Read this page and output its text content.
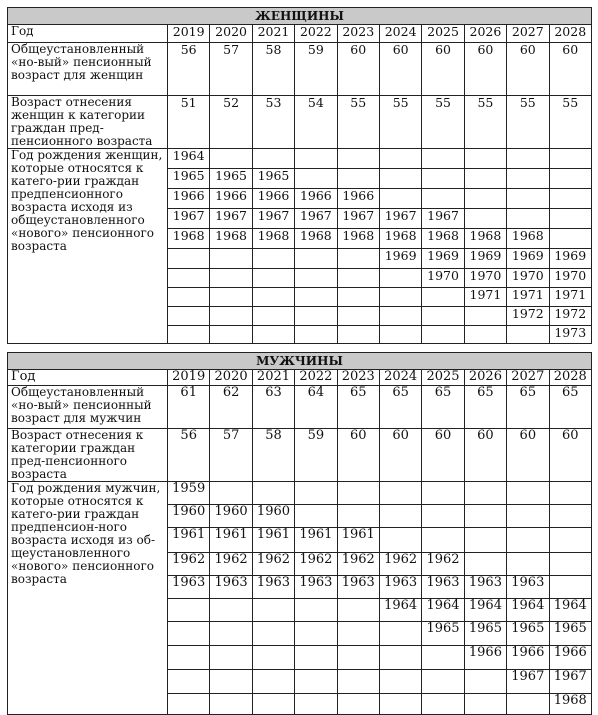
ЖЕНЩИНЫ										
Год	2019	2020	2021	2022	2023	2024	2025	2026	2027	2028
Общеустановленный «но-вый» пенсионный возраст для женщин	56	57	58	59	60	60	60	60	60	60
Возраст отнесения женщин к категории граждан пред-пенсионного возраста	51	52	53	54	55	55	55	55	55	55
Год рождения женщин, которые относятся к катего-рии граждан предпенсионного возраста исходя из общеустановленного «нового» пенсионного возраста	1964									
	1965	1965	1965							
	1966	1966	1966	1966	1966					
	1967	1967	1967	1967	1967	1967	1967			
	1968	1968	1968	1968	1968	1968	1968	1968	1968	
						1969	1969	1969	1969	1969
							1970	1970	1970	1970
								1971	1971	1971
									1972	1972
										1973
МУЖЧИНЫ										
Год	2019	2020	2021	2022	2023	2024	2025	2026	2027	2028
Общеустановленный «но-вый» пенсионный возраст для мужчин	61	62	63	64	65	65	65	65	65	65
Возраст отнесения к категории граждан пред-пенсионного возраста	56	57	58	59	60	60	60	60	60	60
Год рождения мужчин, которые относятся к катего-рии граждан предпенсион-ного возраста исходя из об-щеустановленного «нового» пенсионного возраста	1959									
	1960	1960	1960							
	1961	1961	1961	1961	1961					
	1962	1962	1962	1962	1962	1962	1962			
	1963	1963	1963	1963	1963	1963	1963	1963	1963	
						1964	1964	1964	1964	1964
							1965	1965	1965	1965
								1966	1966	1966
									1967	1967
										1968
